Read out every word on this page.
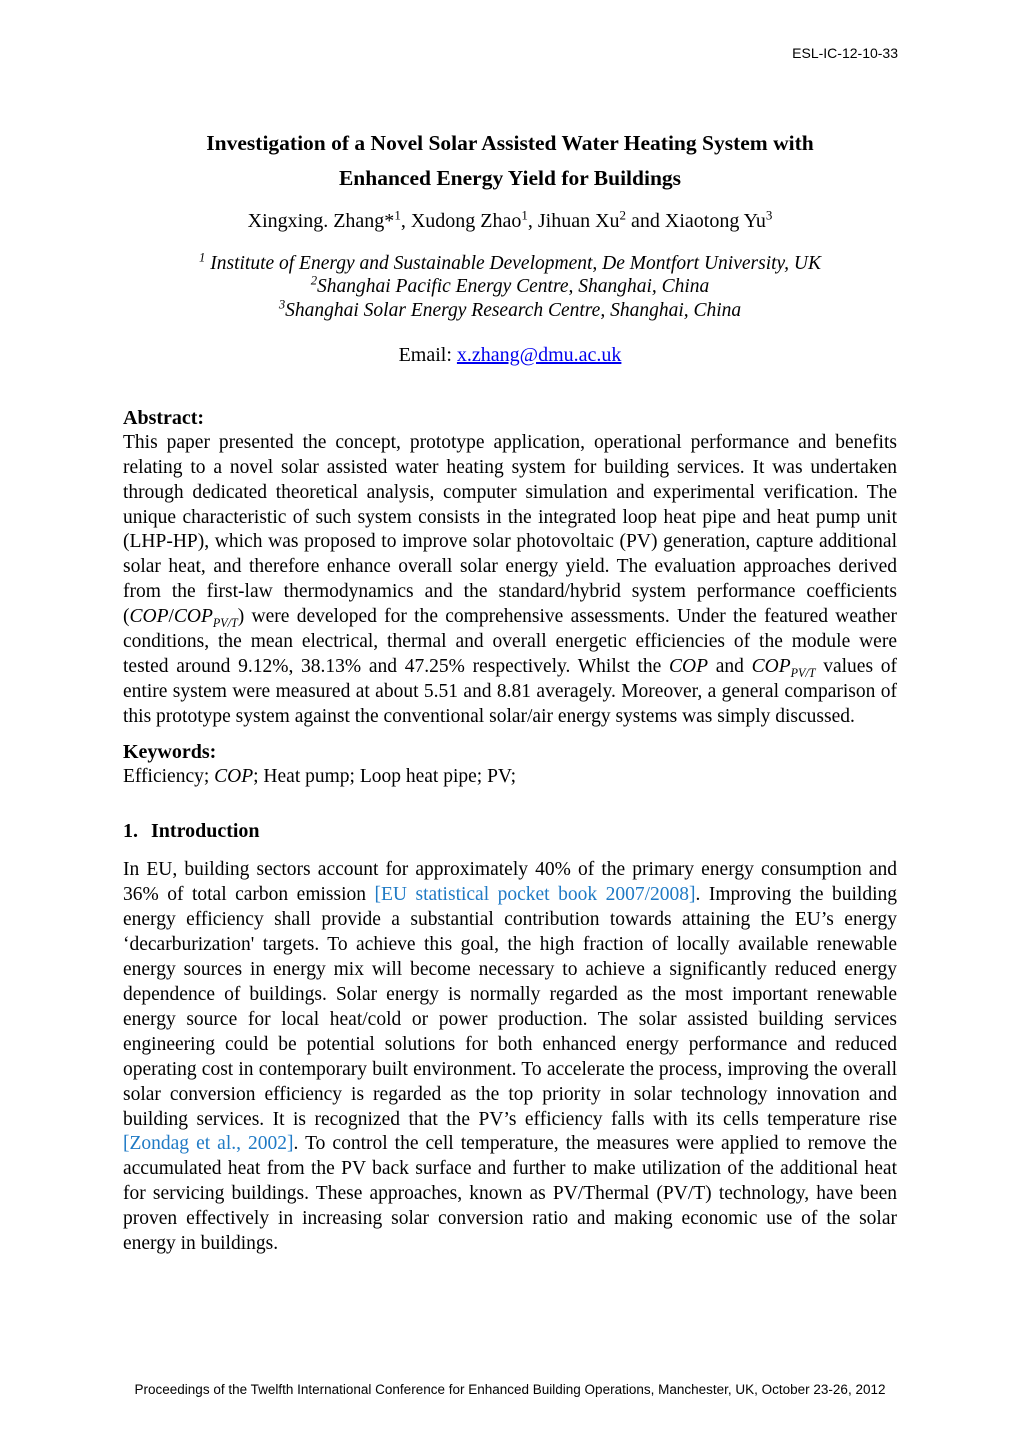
ESL-IC-12-10-33
Investigation of a Novel Solar Assisted Water Heating System with
Enhanced Energy Yield for Buildings
Xingxing. Zhang*$^1$, Xudong Zhao$^1$, Jihuan Xu$^2$ and Xiaotong Yu$^3$
$^1$ Institute of Energy and Sustainable Development, De Montfort University, UK
$^2$Shanghai Pacific Energy Centre, Shanghai, China
$^3$Shanghai Solar Energy Research Centre, Shanghai, China
Email: x.zhang@dmu.ac.uk
Abstract:

This paper presented the concept, prototype application, operational performance and benefits relating to a novel solar assisted water heating system for building services. It was undertaken through dedicated theoretical analysis, computer simulation and experimental verification. The unique characteristic of such system consists in the integrated loop heat pipe and heat pump unit (LHP-HP), which was proposed to improve solar photovoltaic (PV) generation, capture additional solar heat, and therefore enhance overall solar energy yield. The evaluation approaches derived from the first-law thermodynamics and the standard/hybrid system performance coefficients $(COP/COP_{PV/T})$ were developed for the comprehensive assessments. Under the featured weather conditions, the mean electrical, thermal and overall energetic efficiencies of the module were tested around 9.12%, 38.13% and 47.25% respectively. Whilst the COP and $COP_{PV/T}$ values of entire system were measured at about 5.51 and 8.81 averagely. Moreover, a general comparison of this prototype system against the conventional solar/air energy systems was simply discussed.

Keywords:

Efficiency; COP; Heat pump; Loop heat pipe; PV;

1. Introduction

In EU, building sectors account for approximately 40% of the primary energy consumption and 36% of total carbon emission [EU statistical pocket book 2007/2008]. Improving the building energy efficiency shall provide a substantial contribution towards attaining the EU’s energy ‘decarburization' targets. To achieve this goal, the high fraction of locally available renewable energy sources in energy mix will become necessary to achieve a significantly reduced energy dependence of buildings. Solar energy is normally regarded as the most important renewable energy source for local heat/cold or power production. The solar assisted building services engineering could be potential solutions for both enhanced energy performance and reduced operating cost in contemporary built environment. To accelerate the process, improving the overall solar conversion efficiency is regarded as the top priority in solar technology innovation and building services. It is recognized that the PV’s efficiency falls with its cells temperature rise [Zondag et al., 2002]. To control the cell temperature, the measures were applied to remove the accumulated heat from the PV back surface and further to make utilization of the additional heat for servicing buildings. These approaches, known as PV/Thermal (PV/T) technology, have been proven effectively in increasing solar conversion ratio and making economic use of the solar energy in buildings.

Proceedings of the Twelfth International Conference for Enhanced Building Operations, Manchester, UK, October 23-26, 2012
